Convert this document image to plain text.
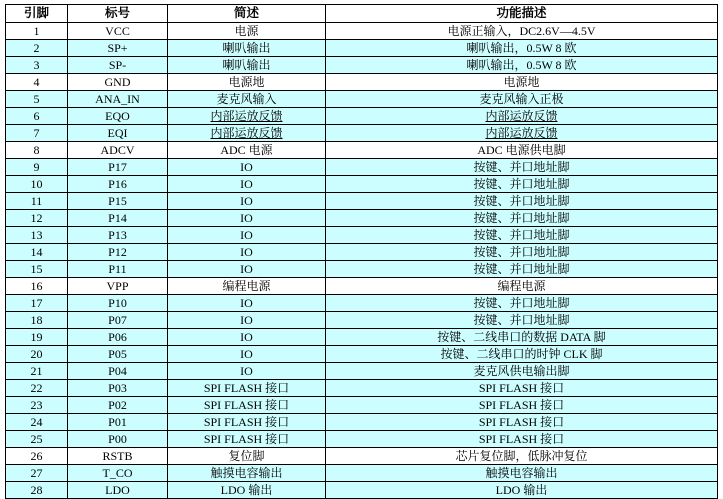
引脚	标号	简述	功能描述
1	VCC	电源	电源正输入，DC2.6V—4.5V
2	SP+	喇叭输出	喇叭输出，0.5W 8 欧
3	SP-	喇叭输出	喇叭输出，0.5W 8 欧
4	GND	电源地	电源地
5	ANA_IN	麦克风输入	麦克风输入正极
6	EQO	内部运放反馈	内部运放反馈
7	EQI	内部运放反馈	内部运放反馈
8	ADCV	ADC 电源	ADC 电源供电脚
9	P17	IO	按键、并口地址脚
10	P16	IO	按键、并口地址脚
11	P15	IO	按键、并口地址脚
12	P14	IO	按键、并口地址脚
13	P13	IO	按键、并口地址脚
14	P12	IO	按键、并口地址脚
15	P11	IO	按键、并口地址脚
16	VPP	编程电源	编程电源
17	P10	IO	按键、并口地址脚
18	P07	IO	按键、并口地址脚
19	P06	IO	按键、二线串口的数据 DATA 脚
20	P05	IO	按键、二线串口的时钟 CLK 脚
21	P04	IO	麦克风供电输出脚
22	P03	SPI FLASH 接口	SPI FLASH 接口
23	P02	SPI FLASH 接口	SPI FLASH 接口
24	P01	SPI FLASH 接口	SPI FLASH 接口
25	P00	SPI FLASH 接口	SPI FLASH 接口
26	RSTB	复位脚	芯片复位脚，低脉冲复位
27	T_CO	触摸电容输出	触摸电容输出
28	LDO	LDO 输出	LDO 输出
